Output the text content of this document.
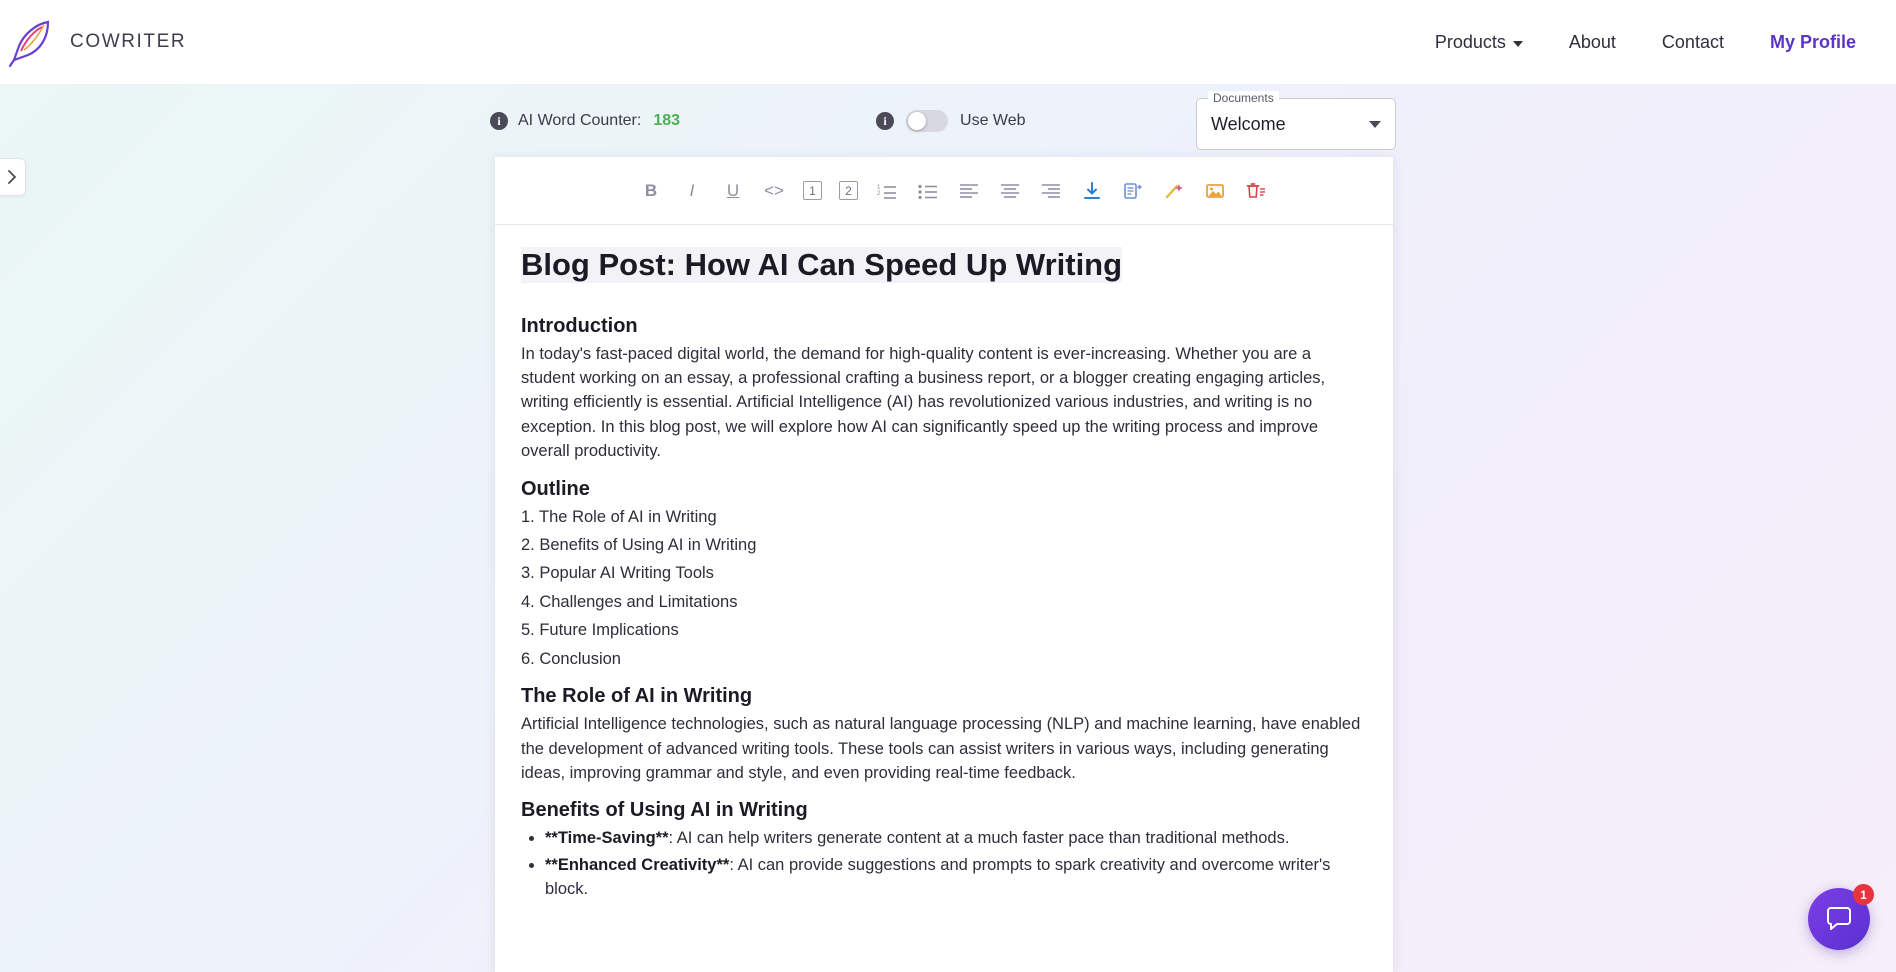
COWRITER	Products	About	Contact	My Profile
i	AI Word Counter: 183	i	Use Web
Documents
Welcome
B I U <>	1	2	1
2
Blog Post: How AI Can Speed Up Writing
Introduction

In today's fast-paced digital world, the demand for high-quality content is ever-increasing. Whether you are a student working on an essay, a professional crafting a business report, or a blogger creating engaging articles, writing efficiently is essential. Artificial Intelligence (AI) has revolutionized various industries, and writing is no exception. In this blog post, we will explore how AI can significantly speed up the writing process and improve overall productivity.

Outline

1. The Role of AI in Writing

2. Benefits of Using AI in Writing

3. Popular AI Writing Tools

4. Challenges and Limitations

5. Future Implications

6. Conclusion

The Role of AI in Writing

Artificial Intelligence technologies, such as natural language processing (NLP) and machine learning, have enabled the development of advanced writing tools. These tools can assist writers in various ways, including generating ideas, improving grammar and style, and even providing real-time feedback.

Benefits of Using AI in Writing
• **Time-Saving**: AI can help writers generate content at a much faster pace than traditional methods.
• **Enhanced Creativity**: AI can provide suggestions and prompts to spark creativity and overcome writer's block.	1
